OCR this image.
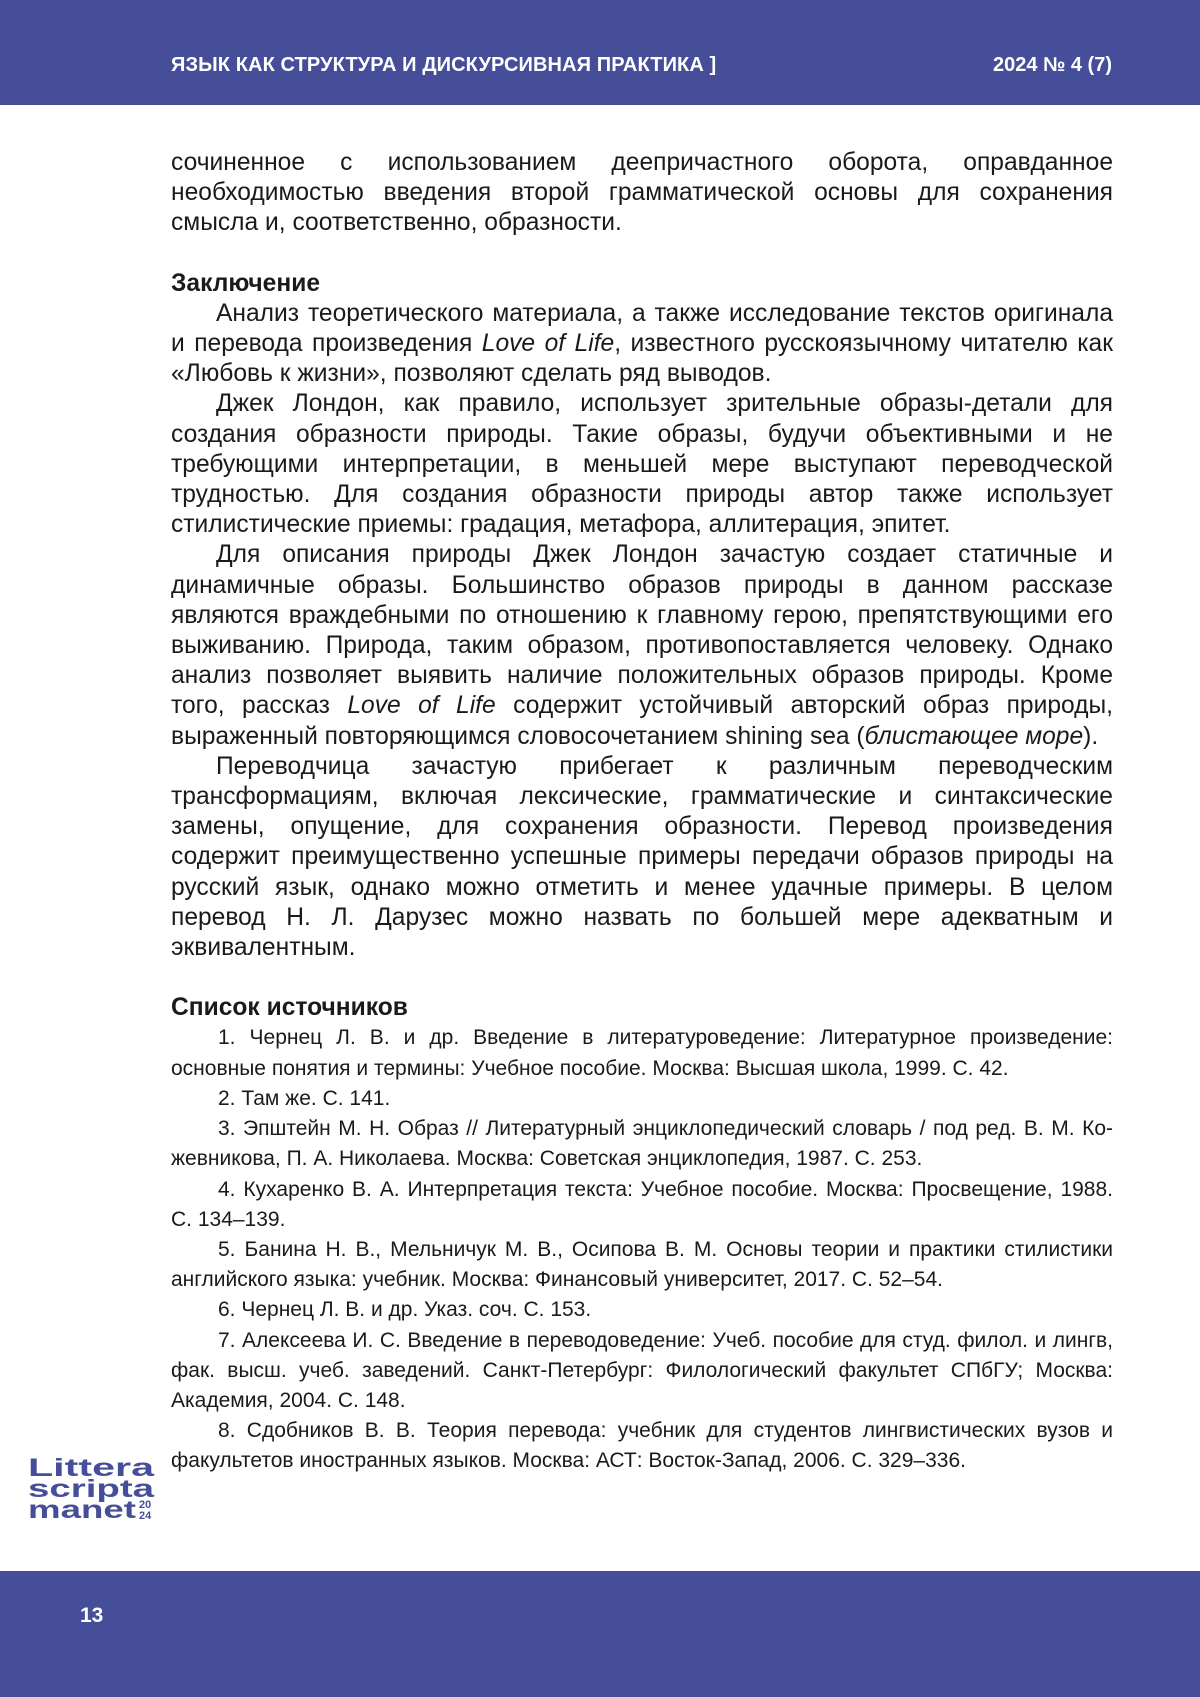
ЯЗЫК КАК СТРУКТУРА И ДИСКУРСИВНАЯ ПРАКТИКА ]	2024 № 4 (7)

сочиненное с использованием деепричастного оборота, оправданное необходимостью введения второй грамматической основы для сохранения смысла и, соответственно, образности.

Заключение

Анализ теоретического материала, а также исследование текстов оригинала и перевода произведения Love of Life, известного русскоязычному читателю как «Любовь к жизни», позволяют сделать ряд выводов.

Джек Лондон, как правило, использует зрительные образы-детали для создания образности природы. Такие образы, будучи объективными и не требующими интерпретации, в меньшей мере выступают переводческой трудностью. Для создания образности природы автор также использует стилистические приемы: градация, метафора, аллитерация, эпитет.

Для описания природы Джек Лондон зачастую создает статичные и динамичные образы. Большинство образов природы в данном рассказе являются враждебными по отношению к главному герою, препятствующими его выживанию. Природа, таким образом, противопоставляется человеку. Однако анализ позволяет выявить наличие положительных образов природы. Кроме того, рассказ Love of Life содержит устойчивый авторский образ природы, выраженный повторяющимся словосочетанием shining sea (блистающее море).

Переводчица зачастую прибегает к различным переводческим трансформациям, включая лексические, грамматические и синтаксические замены, опущение, для сохранения образности. Перевод произведения содержит преимущественно успешные примеры передачи образов природы на русский язык, однако можно отметить и менее удачные примеры. В целом перевод Н. Л. Дарузес можно назвать по большей мере адекватным и эквивалентным.

Список источников

1. Чернец Л. В. и др. Введение в литературоведение: Литературное произведение: основные понятия и термины: Учебное пособие. Москва: Высшая школа, 1999. С. 42.

2. Там же. С. 141.

3. Эпштейн М. Н. Образ // Литературный энциклопедический словарь / под ред. В. М. Ко-жевникова, П. А. Николаева. Москва: Советская энциклопедия, 1987. С. 253.

4. Кухаренко В. А. Интерпретация текста: Учебное пособие. Москва: Просвещение, 1988. С. 134–139.

5. Банина Н. В., Мельничук М. В., Осипова В. М. Основы теории и практики стилистики английского языка: учебник. Москва: Финансовый университет, 2017. С. 52–54.

6. Чернец Л. В. и др. Указ. соч. С. 153.

7. Алексеева И. С. Введение в переводоведение: Учеб. пособие для студ. филол. и лингв, фак. высш. учеб. заведений. Санкт-Петербург: Филологический факультет СПбГУ; Москва: Академия, 2004. С. 148.

8. Сдобников В. В. Теория перевода: учебник для студентов лингвистических вузов и факультетов иностранных языков. Москва: АСТ: Восток-Запад, 2006. С. 329–336.

Littera
scripta
manet 20
24
13
